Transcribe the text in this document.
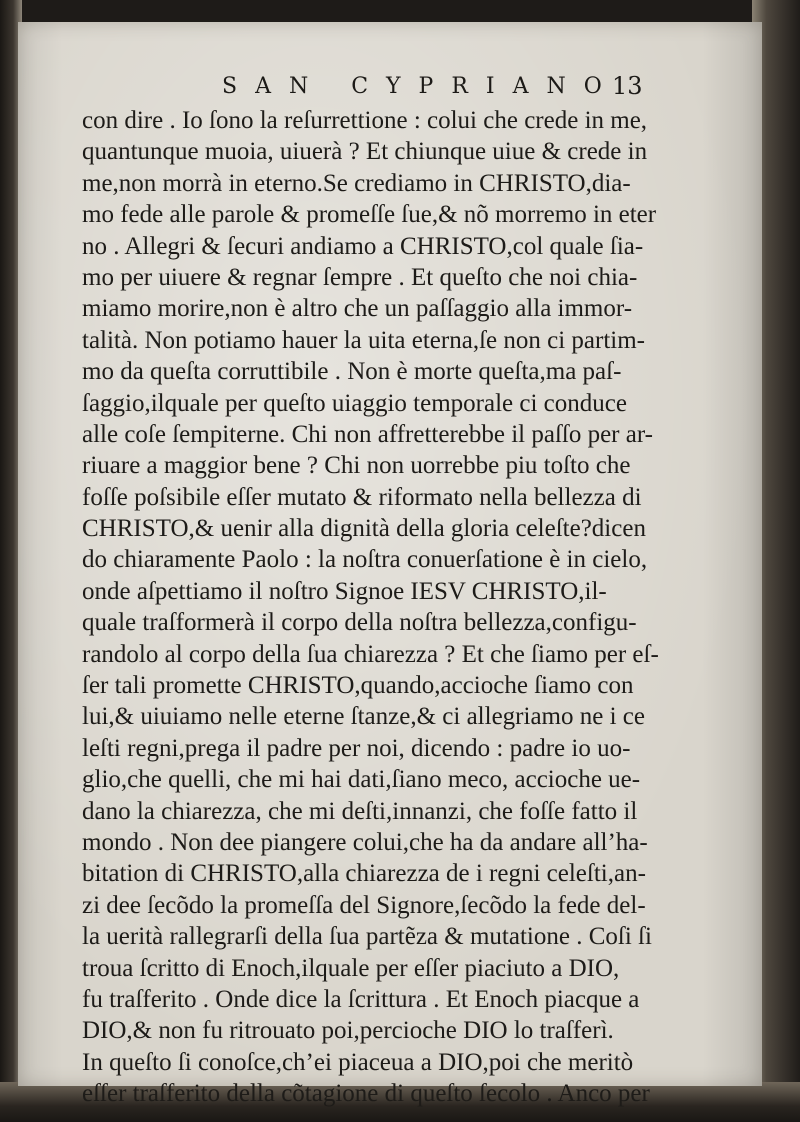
SAN CYPRIANO
13
con dire . Io ſono la reſurrettione : colui che crede in me,
quantunque muoia, uiuerà ? Et chiunque uiue & crede in
me,non morrà in eterno.Se crediamo in CHRISTO,dia-
mo fede alle parole & promeſſe ſue,& nõ morremo in eter
no . Allegri & ſecuri andiamo a CHRISTO,col quale ſia-
mo per uiuere & regnar ſempre . Et queſto che noi chia-
miamo morire,non è altro che un paſſaggio alla immor-
talità. Non potiamo hauer la uita eterna,ſe non ci partim-
mo da queſta corruttibile . Non è morte queſta,ma paſ-
ſaggio,ilquale per queſto uiaggio temporale ci conduce
alle coſe ſempiterne. Chi non affretterebbe il paſſo per ar-
riuare a maggior bene ? Chi non uorrebbe piu toſto che
foſſe poſsibile eſſer mutato & riformato nella bellezza di
CHRISTO,& uenir alla dignità della gloria celeſte?dicen
do chiaramente Paolo : la noſtra conuerſatione è in cielo,
onde aſpettiamo il noſtro Signoe IESV CHRISTO,il-
quale traſformerà il corpo della noſtra bellezza,configu-
randolo al corpo della ſua chiarezza ? Et che ſiamo per eſ-
ſer tali promette CHRISTO,quando,accioche ſiamo con
lui,& uiuiamo nelle eterne ſtanze,& ci allegriamo ne i ce
leſti regni,prega il padre per noi, dicendo : padre io uo-
glio,che quelli, che mi hai dati,ſiano meco, accioche ue-
dano la chiarezza, che mi deſti,innanzi, che foſſe fatto il
mondo . Non dee piangere colui,che ha da andare all’ha-
bitation di CHRISTO,alla chiarezza de i regni celeſti,an-
zi dee ſecõdo la promeſſa del Signore,ſecõdo la fede del-
la uerità rallegrarſi della ſua partẽza & mutatione . Coſi ſi
troua ſcritto di Enoch,ilquale per eſſer piaciuto a DIO,
fu traſferito . Onde dice la ſcrittura . Et Enoch piacque a
DIO,& non fu ritrouato poi,percioche DIO lo traſferì.
In queſto ſi conoſce,ch’ei piaceua a DIO,poi che meritò
eſſer traſferito della cõtagione di queſto ſecolo . Anco per
